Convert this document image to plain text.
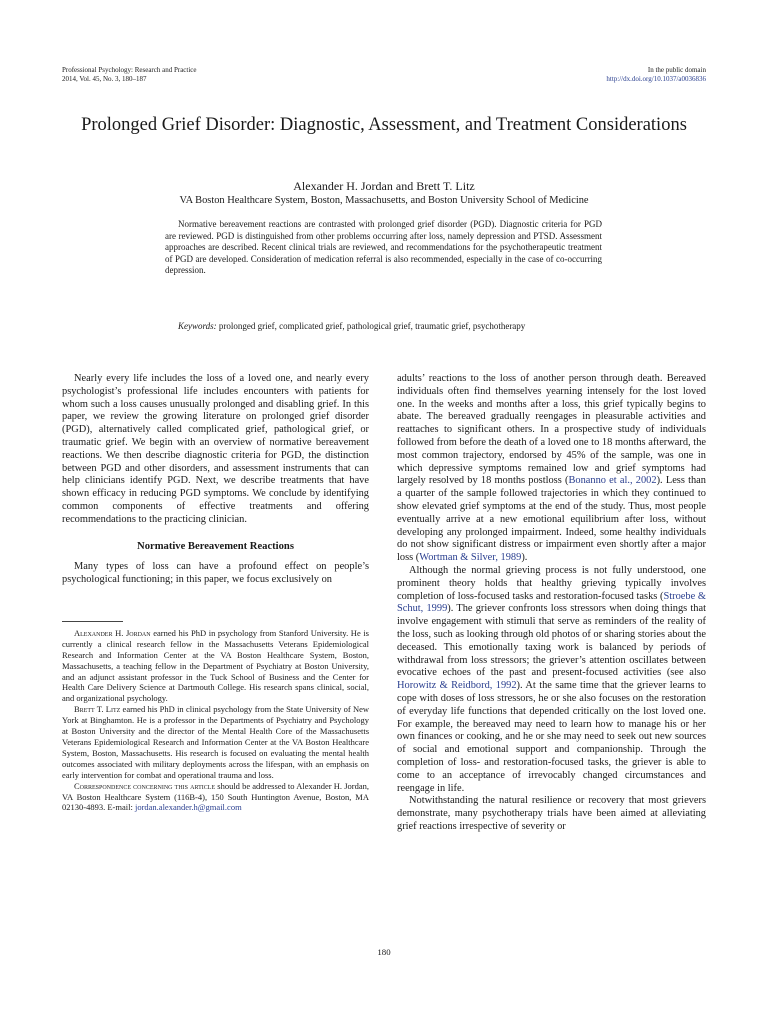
Professional Psychology: Research and Practice
2014, Vol. 45, No. 3, 180–187
In the public domain
http://dx.doi.org/10.1037/a0036836
Prolonged Grief Disorder: Diagnostic, Assessment, and Treatment Considerations
Alexander H. Jordan and Brett T. Litz
VA Boston Healthcare System, Boston, Massachusetts, and Boston University School of Medicine

Normative bereavement reactions are contrasted with prolonged grief disorder (PGD). Diagnostic criteria for PGD are reviewed. PGD is distinguished from other problems occurring after loss, namely depression and PTSD. Assessment approaches are described. Recent clinical trials are reviewed, and recommendations for the psychotherapeutic treatment of PGD are developed. Consideration of medication referral is also recommended, especially in the case of co-occurring depression.

Keywords: prolonged grief, complicated grief, pathological grief, traumatic grief, psychotherapy

Nearly every life includes the loss of a loved one, and nearly every psychologist’s professional life includes encounters with patients for whom such a loss causes unusually prolonged and disabling grief. In this paper, we review the growing literature on prolonged grief disorder (PGD), alternatively called complicated grief, pathological grief, or traumatic grief. We begin with an overview of normative bereavement reactions. We then describe diagnostic criteria for PGD, the distinction between PGD and other disorders, and assessment instruments that can help clinicians identify PGD. Next, we describe treatments that have shown efficacy in reducing PGD symptoms. We conclude by identifying common components of effective treatments and offering recommendations to the practicing clinician.

Normative Bereavement Reactions

Many types of loss can have a profound effect on people’s psychological functioning; in this paper, we focus exclusively on

Alexander H. Jordan earned his PhD in psychology from Stanford University. He is currently a clinical research fellow in the Massachusetts Veterans Epidemiological Research and Information Center at the VA Boston Healthcare System, Boston, Massachusetts, a teaching fellow in the Department of Psychiatry at Boston University, and an adjunct assistant professor in the Tuck School of Business and the Center for Health Care Delivery Science at Dartmouth College. His research spans clinical, social, and organizational psychology.

Brett T. Litz earned his PhD in clinical psychology from the State University of New York at Binghamton. He is a professor in the Departments of Psychiatry and Psychology at Boston University and the director of the Mental Health Core of the Massachusetts Veterans Epidemiological Research and Information Center at the VA Boston Healthcare System, Boston, Massachusetts. His research is focused on evaluating the mental health outcomes associated with military deployments across the lifespan, with an emphasis on early intervention for combat and operational trauma and loss.

Correspondence concerning this article should be addressed to Alexander H. Jordan, VA Boston Healthcare System (116B-4), 150 South Huntington Avenue, Boston, MA 02130-4893. E-mail: jordan.alexander.h@gmail.com

adults’ reactions to the loss of another person through death. Bereaved individuals often find themselves yearning intensely for the lost loved one. In the weeks and months after a loss, this grief typically begins to abate. The bereaved gradually reengages in pleasurable activities and reattaches to significant others. In a prospective study of individuals followed from before the death of a loved one to 18 months afterward, the most common trajectory, endorsed by 45% of the sample, was one in which depressive symptoms remained low and grief symptoms had largely resolved by 18 months postloss (Bonanno et al., 2002). Less than a quarter of the sample followed trajectories in which they continued to show elevated grief symptoms at the end of the study. Thus, most people eventually arrive at a new emotional equilibrium after loss, without developing any prolonged impairment. Indeed, some healthy individuals do not show significant distress or impairment even shortly after a major loss (Wortman & Silver, 1989).

Although the normal grieving process is not fully understood, one prominent theory holds that healthy grieving typically involves completion of loss-focused tasks and restoration-focused tasks (Stroebe & Schut, 1999). The griever confronts loss stressors when doing things that involve engagement with stimuli that serve as reminders of the reality of the loss, such as looking through old photos of or sharing stories about the deceased. This emotionally taxing work is balanced by periods of withdrawal from loss stressors; the griever’s attention oscillates between evocative echoes of the past and present-focused activities (see also Horowitz & Reidbord, 1992). At the same time that the griever learns to cope with doses of loss stressors, he or she also focuses on the restoration of everyday life functions that depended critically on the lost loved one. For example, the bereaved may need to learn how to manage his or her own finances or cooking, and he or she may need to seek out new sources of social and emotional support and companionship. Through the completion of loss- and restoration-focused tasks, the griever is able to come to an acceptance of irrevocably changed circumstances and reengage in life.

Notwithstanding the natural resilience or recovery that most grievers demonstrate, many psychotherapy trials have been aimed at alleviating grief reactions irrespective of severity or

180
